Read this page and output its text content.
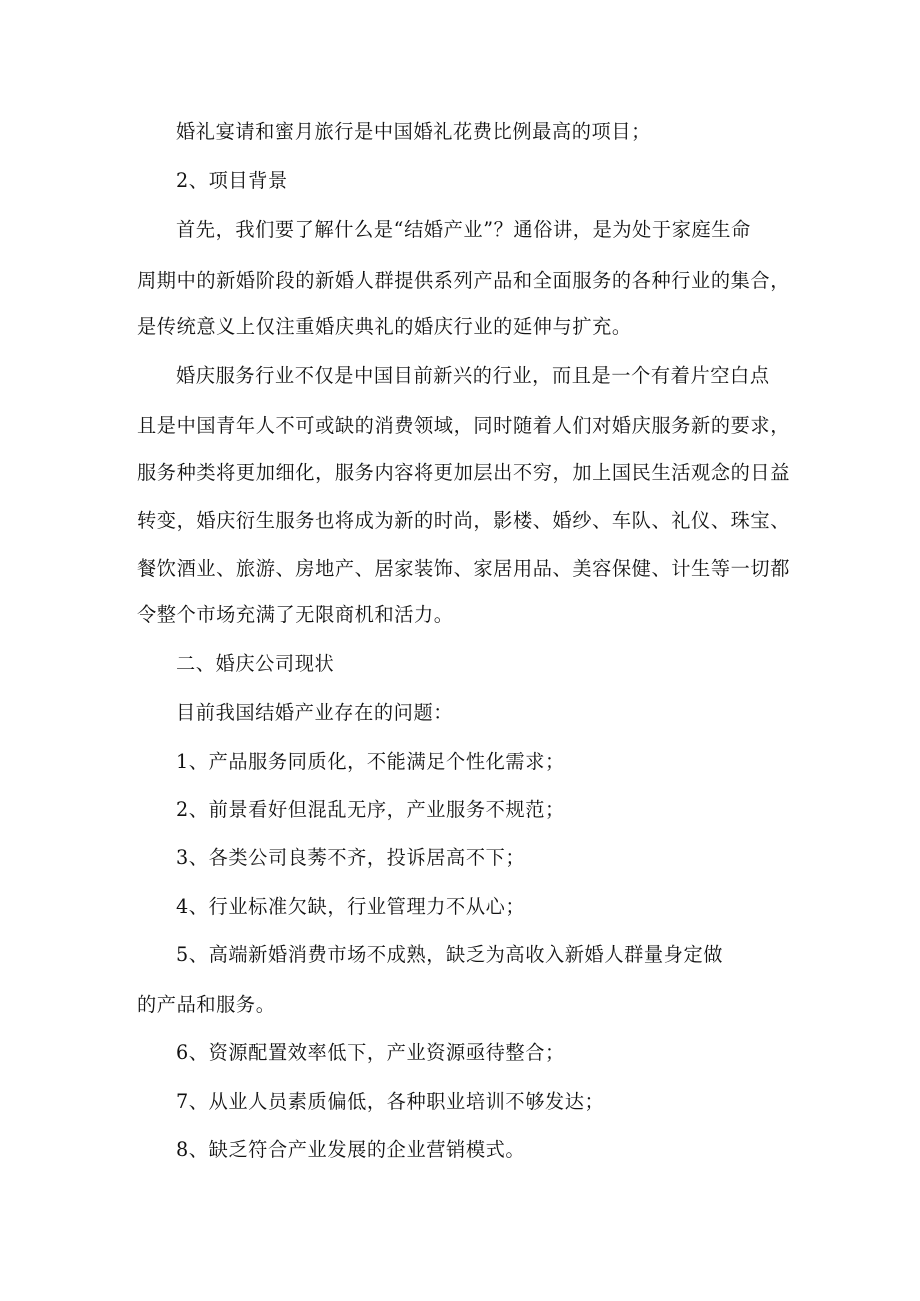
婚礼宴请和蜜月旅行是中国婚礼花费比例最高的项目；
2、项目背景
首先，我们要了解什么是“结婚产业”？通俗讲，是为处于家庭生命
周期中的新婚阶段的新婚人群提供系列产品和全面服务的各种行业的集合，
是传统意义上仅注重婚庆典礼的婚庆行业的延伸与扩充。
婚庆服务行业不仅是中国目前新兴的行业，而且是一个有着片空白点
且是中国青年人不可或缺的消费领域，同时随着人们对婚庆服务新的要求，
服务种类将更加细化，服务内容将更加层出不穷，加上国民生活观念的日益
转变，婚庆衍生服务也将成为新的时尚，影楼、婚纱、车队、礼仪、珠宝、
餐饮酒业、旅游、房地产、居家装饰、家居用品、美容保健、计生等一切都
令整个市场充满了无限商机和活力。
二、婚庆公司现状
目前我国结婚产业存在的问题：
1、产品服务同质化，不能满足个性化需求；
2、前景看好但混乱无序，产业服务不规范；
3、各类公司良莠不齐，投诉居高不下；
4、行业标准欠缺，行业管理力不从心；
5、高端新婚消费市场不成熟，缺乏为高收入新婚人群量身定做
的产品和服务。
6、资源配置效率低下，产业资源亟待整合；
7、从业人员素质偏低，各种职业培训不够发达；
8、缺乏符合产业发展的企业营销模式。
